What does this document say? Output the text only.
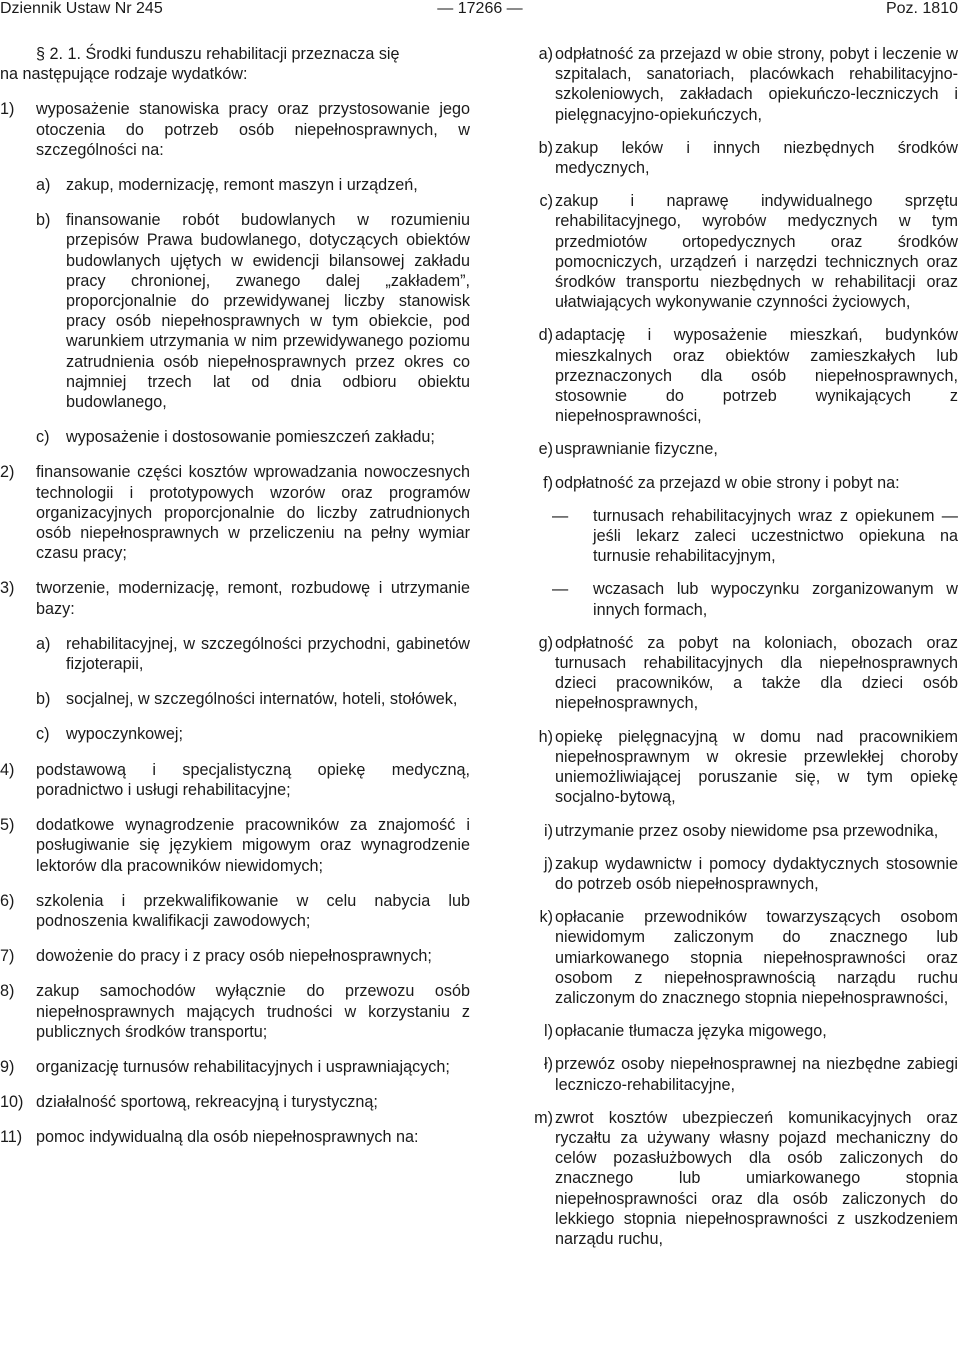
Dziennik Ustaw Nr 245	— 17266 —	Poz. 1810

§ 2. 1. Środki funduszu rehabilitacji przeznacza się

na następujące rodzaje wydatków:

1) wyposażenie stanowiska pracy oraz przystosowanie jego otoczenia do potrzeb osób niepełnosprawnych, w szczególności na:
a) zakup, modernizację, remont maszyn i urządzeń,
b) finansowanie robót budowlanych w rozumieniu przepisów Prawa budowlanego, dotyczących obiektów budowlanych ujętych w ewidencji bilansowej zakładu pracy chronionej, zwanego dalej „zakładem”, proporcjonalnie do przewidywanej liczby stanowisk pracy osób niepełnosprawnych w tym obiekcie, pod warunkiem utrzymania w nim przewidywanego poziomu zatrudnienia osób niepełnosprawnych przez okres co najmniej trzech lat od dnia odbioru obiektu budowlanego,
c) wyposażenie i dostosowanie pomieszczeń zakładu;
2) finansowanie części kosztów wprowadzania nowoczesnych technologii i prototypowych wzorów oraz programów organizacyjnych proporcjonalnie do liczby zatrudnionych osób niepełnosprawnych w przeliczeniu na pełny wymiar czasu pracy;
3) tworzenie, modernizację, remont, rozbudowę i utrzymanie bazy:
a) rehabilitacyjnej, w szczególności przychodni, gabinetów fizjoterapii,
b) socjalnej, w szczególności internatów, hoteli, stołówek,
c) wypoczynkowej;
4) podstawową i specjalistyczną opiekę medyczną, poradnictwo i usługi rehabilitacyjne;
5) dodatkowe wynagrodzenie pracowników za znajomość i posługiwanie się językiem migowym oraz wynagrodzenie lektorów dla pracowników niewidomych;
6) szkolenia i przekwalifikowanie w celu nabycia lub podnoszenia kwalifikacji zawodowych;
7) dowożenie do pracy i z pracy osób niepełnosprawnych;
8) zakup samochodów wyłącznie do przewozu osób niepełnosprawnych mających trudności w korzystaniu z publicznych środków transportu;
9) organizację turnusów rehabilitacyjnych i usprawniających;
10) działalność sportową, rekreacyjną i turystyczną;
11) pomoc indywidualną dla osób niepełnosprawnych na:
a) odpłatność za przejazd w obie strony, pobyt i leczenie w szpitalach, sanatoriach, placówkach rehabilitacyjno-szkoleniowych, zakładach opiekuńczo-leczniczych i pielęgnacyjno-opiekuńczych,
b) zakup leków i innych niezbędnych środków medycznych,
c) zakup i naprawę indywidualnego sprzętu rehabilitacyjnego, wyrobów medycznych w tym przedmiotów ortopedycznych oraz środków pomocniczych, urządzeń i narzędzi technicznych oraz środków transportu niezbędnych w rehabilitacji oraz ułatwiających wykonywanie czynności życiowych,
d) adaptację i wyposażenie mieszkań, budynków mieszkalnych oraz obiektów zamieszkałych lub przeznaczonych dla osób niepełnosprawnych, stosownie do potrzeb wynikających z niepełnosprawności,
e) usprawnianie fizyczne,
f) odpłatność za przejazd w obie strony i pobyt na:
—	turnusach rehabilitacyjnych wraz z opiekunem — jeśli lekarz zaleci uczestnictwo opiekuna na turnusie rehabilitacyjnym,
—	wczasach lub wypoczynku zorganizowanym w innych formach,
g) odpłatność za pobyt na koloniach, obozach oraz turnusach rehabilitacyjnych dla niepełnosprawnych dzieci pracowników, a także dla dzieci osób niepełnosprawnych,
h) opiekę pielęgnacyjną w domu nad pracownikiem niepełnosprawnym w okresie przewlekłej choroby uniemożliwiającej poruszanie się, w tym opiekę socjalno-bytową,
i) utrzymanie przez osoby niewidome psa przewodnika,
j) zakup wydawnictw i pomocy dydaktycznych stosownie do potrzeb osób niepełnosprawnych,
k) opłacanie przewodników towarzyszących osobom niewidomym zaliczonym do znacznego lub umiarkowanego stopnia niepełnosprawności oraz osobom z niepełnosprawnością narządu ruchu zaliczonym do znacznego stopnia niepełnosprawności,
l) opłacanie tłumacza języka migowego,
ł) przewóz osoby niepełnosprawnej na niezbędne zabiegi leczniczo-rehabilitacyjne,
m) zwrot kosztów ubezpieczeń komunikacyjnych oraz ryczałtu za używany własny pojazd mechaniczny do celów pozasłużbowych dla osób zaliczonych do znacznego lub umiarkowanego stopnia niepełnosprawności oraz dla osób zaliczonych do lekkiego stopnia niepełnosprawności z uszkodzeniem narządu ruchu,
